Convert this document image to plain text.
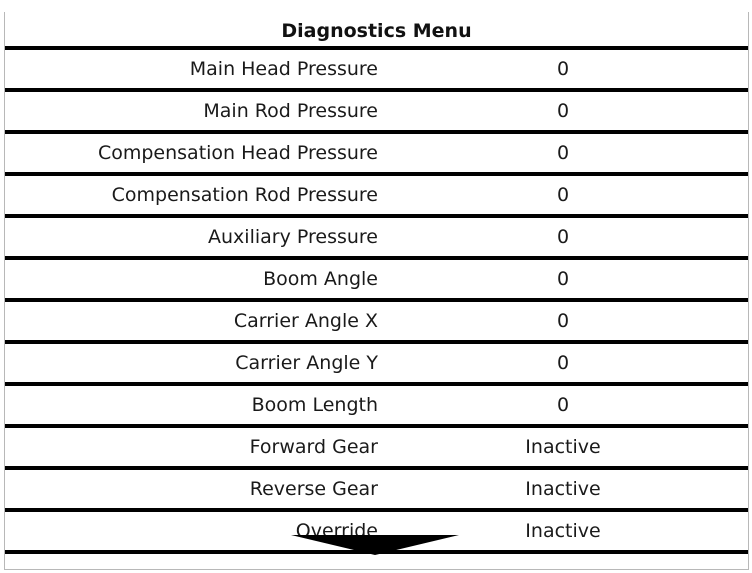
Diagnostics Menu
Main Head Pressure	0
Main Rod Pressure	0
Compensation Head Pressure	0
Compensation Rod Pressure	0
Auxiliary Pressure	0
Boom Angle	0
Carrier Angle X	0
Carrier Angle Y	0
Boom Length	0
Forward Gear	Inactive
Reverse Gear	Inactive
Override	Inactive
